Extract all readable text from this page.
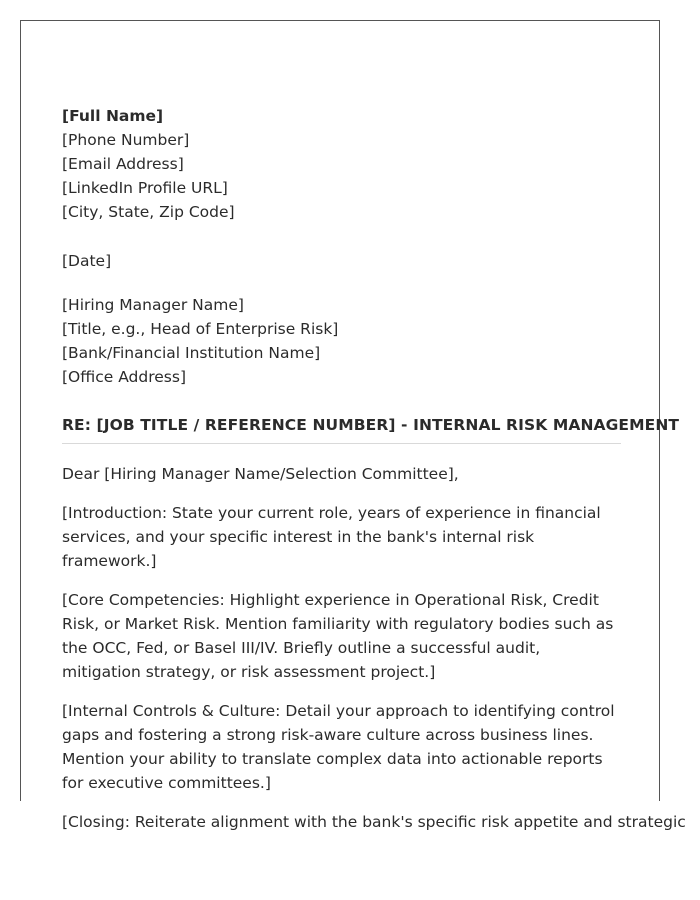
[Full Name]
[Phone Number]
[Email Address]
[LinkedIn Profile URL]
[City, State, Zip Code]
[Date]
[Hiring Manager Name]
[Title, e.g., Head of Enterprise Risk]
[Bank/Financial Institution Name]
[Office Address]
RE: [JOB TITLE / REFERENCE NUMBER] - INTERNAL RISK MANAGEMENT

Dear [Hiring Manager Name/Selection Committee],

[Introduction: State your current role, years of experience in financial services, and your specific interest in the bank's internal risk framework.]

[Core Competencies: Highlight experience in Operational Risk, Credit Risk, or Market Risk. Mention familiarity with regulatory bodies such as the OCC, Fed, or Basel III/IV. Briefly outline a successful audit, mitigation strategy, or risk assessment project.]

[Internal Controls & Culture: Detail your approach to identifying control gaps and fostering a strong risk-aware culture across business lines. Mention your ability to translate complex data into actionable reports for executive committees.]

[Closing: Reiterate alignment with the bank's specific risk appetite and strategic
